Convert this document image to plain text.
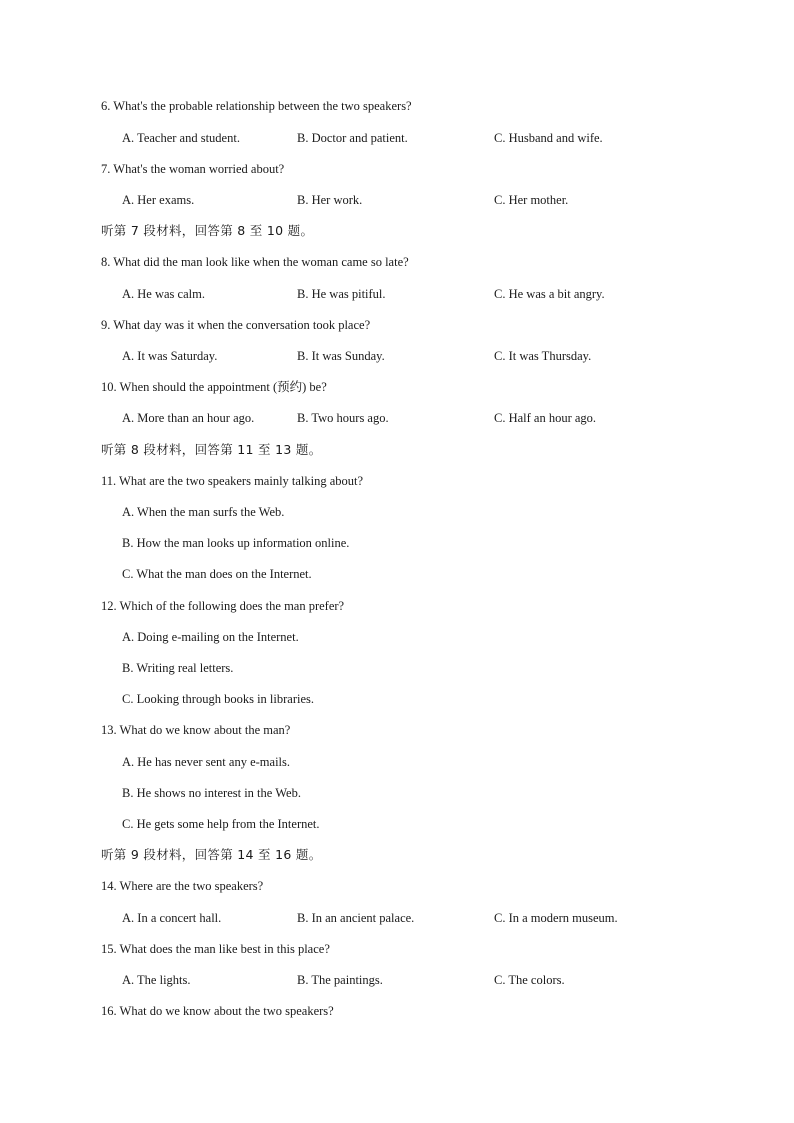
6. What's the probable relationship between the two speakers?
A. Teacher and student.	B. Doctor and patient.	C. Husband and wife.
7. What's the woman worried about?
A. Her exams.	B. Her work.	C. Her mother.
听第 7 段材料，回答第 8 至 10 题。
8. What did the man look like when the woman came so late?
A. He was calm.	B. He was pitiful.	C. He was a bit angry.
9. What day was it when the conversation took place?
A. It was Saturday.	B. It was Sunday.	C. It was Thursday.
10. When should the appointment (预约) be?
A. More than an hour ago.	B. Two hours ago.	C. Half an hour ago.
听第 8 段材料，回答第 11 至 13 题。
11. What are the two speakers mainly talking about?
A. When the man surfs the Web.
B. How the man looks up information online.
C. What the man does on the Internet.
12. Which of the following does the man prefer?
A. Doing e-mailing on the Internet.
B. Writing real letters.
C. Looking through books in libraries.
13. What do we know about the man?
A. He has never sent any e-mails.
B. He shows no interest in the Web.
C. He gets some help from the Internet.
听第 9 段材料，回答第 14 至 16 题。
14. Where are the two speakers?
A. In a concert hall.	B. In an ancient palace.	C. In a modern museum.
15. What does the man like best in this place?
A. The lights.	B. The paintings.	C. The colors.
16. What do we know about the two speakers?
